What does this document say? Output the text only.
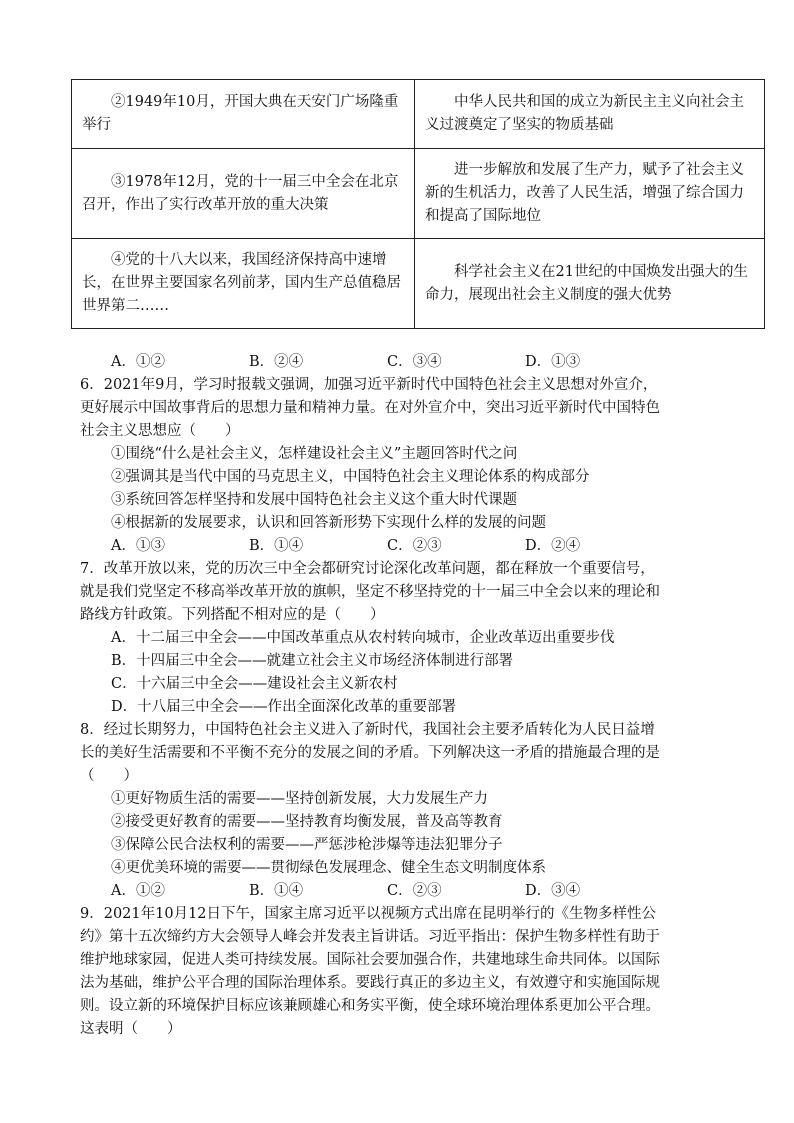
②1949年10月，开国大典在天安门广场隆重举行	中华人民共和国的成立为新民主主义向社会主义过渡奠定了坚实的物质基础
③1978年12月，党的十一届三中全会在北京召开，作出了实行改革开放的重大决策	进一步解放和发展了生产力，赋予了社会主义新的生机活力，改善了人民生活，增强了综合国力和提高了国际地位
④党的十八大以来，我国经济保持高中速增长，在世界主要国家名列前茅，国内生产总值稳居世界第二……	科学社会主义在21世纪的中国焕发出强大的生命力，展现出社会主义制度的强大优势
A．①②	B．②④	C．③④	D．①③
6．2021年9月，学习时报载文强调，加强习近平新时代中国特色社会主义思想对外宣介，
更好展示中国故事背后的思想力量和精神力量。在对外宣介中，突出习近平新时代中国特色
社会主义思想应（　　）
①围绕“什么是社会主义，怎样建设社会主义”主题回答时代之问
②强调其是当代中国的马克思主义，中国特色社会主义理论体系的构成部分
③系统回答怎样坚持和发展中国特色社会主义这个重大时代课题
④根据新的发展要求，认识和回答新形势下实现什么样的发展的问题
A．①③	B．①④	C．②③	D．②④
7．改革开放以来，党的历次三中全会都研究讨论深化改革问题，都在释放一个重要信号，
就是我们党坚定不移高举改革开放的旗帜，坚定不移坚持党的十一届三中全会以来的理论和
路线方针政策。下列搭配不相对应的是（　　）
A．十二届三中全会——中国改革重点从农村转向城市，企业改革迈出重要步伐
B．十四届三中全会——就建立社会主义市场经济体制进行部署
C．十六届三中全会——建设社会主义新农村
D．十八届三中全会——作出全面深化改革的重要部署
8．经过长期努力，中国特色社会主义进入了新时代，我国社会主要矛盾转化为人民日益增
长的美好生活需要和不平衡不充分的发展之间的矛盾。下列解决这一矛盾的措施最合理的是
（　　）
①更好物质生活的需要——坚持创新发展，大力发展生产力
②接受更好教育的需要——坚持教育均衡发展，普及高等教育
③保障公民合法权利的需要——严惩涉枪涉爆等违法犯罪分子
④更优美环境的需要——贯彻绿色发展理念、健全生态文明制度体系
A．①②	B．①④	C．②③	D．③④
9．2021年10月12日下午，国家主席习近平以视频方式出席在昆明举行的《生物多样性公
约》第十五次缔约方大会领导人峰会并发表主旨讲话。习近平指出：保护生物多样性有助于
维护地球家园，促进人类可持续发展。国际社会要加强合作，共建地球生命共同体。以国际
法为基础，维护公平合理的国际治理体系。要践行真正的多边主义，有效遵守和实施国际规
则。设立新的环境保护目标应该兼顾雄心和务实平衡，使全球环境治理体系更加公平合理。
这表明（　　）
